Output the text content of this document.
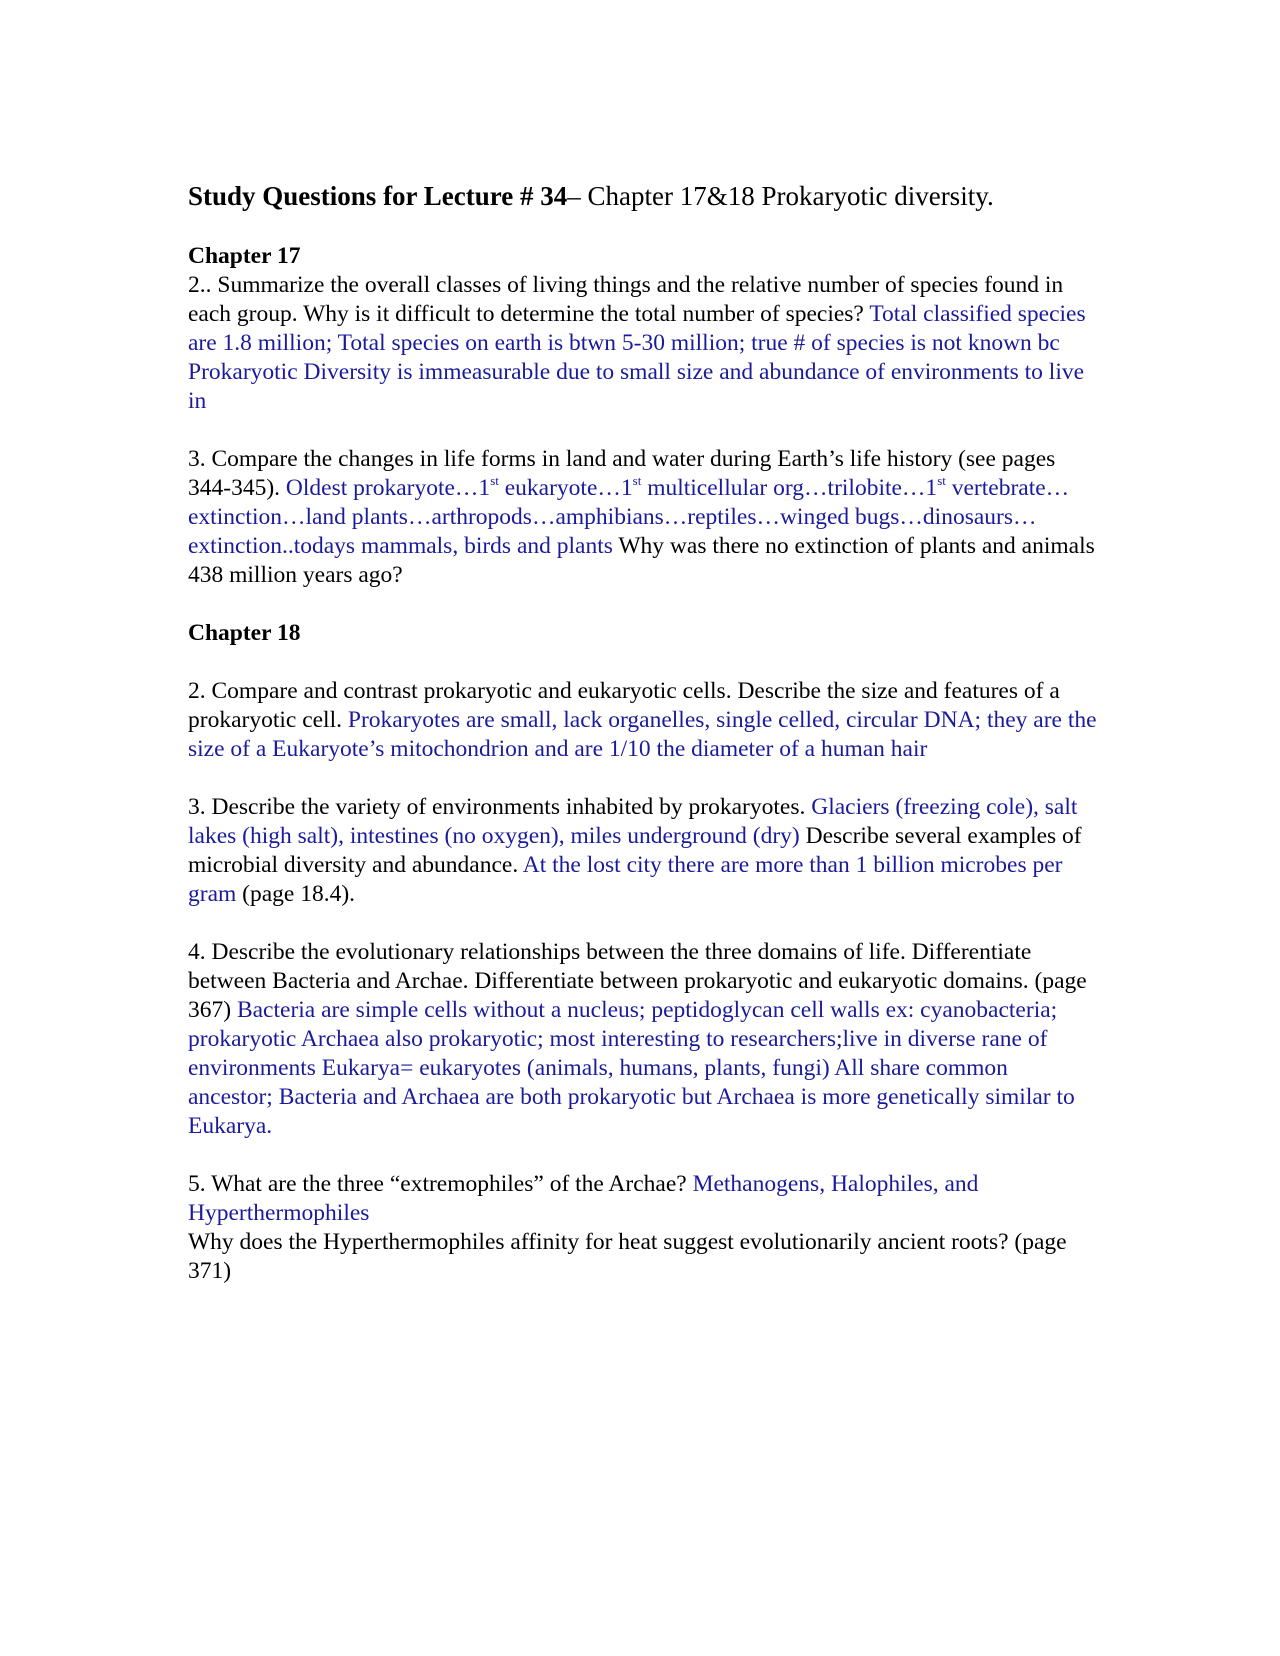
Study Questions for Lecture # 34– Chapter 17&18 Prokaryotic diversity.

Chapter 17

2.. Summarize the overall classes of living things and the relative number of species found in each group. Why is it difficult to determine the total number of species? Total classified species are 1.8 million; Total species on earth is btwn 5-30 million; true # of species is not known bc Prokaryotic Diversity is immeasurable due to small size and abundance of environments to live in

3. Compare the changes in life forms in land and water during Earth’s life history (see pages 344-345). Oldest prokaryote…1st eukaryote…1st multicellular org…trilobite…1st vertebrate…extinction…land plants…arthropods…amphibians…reptiles…winged bugs…dinosaurs…extinction..todays mammals, birds and plants Why was there no extinction of plants and animals 438 million years ago?

Chapter 18

2. Compare and contrast prokaryotic and eukaryotic cells. Describe the size and features of a prokaryotic cell. Prokaryotes are small, lack organelles, single celled, circular DNA; they are the size of a Eukaryote’s mitochondrion and are 1/10 the diameter of a human hair

3. Describe the variety of environments inhabited by prokaryotes. Glaciers (freezing cole), salt lakes (high salt), intestines (no oxygen), miles underground (dry) Describe several examples of microbial diversity and abundance. At the lost city there are more than 1 billion microbes per gram (page 18.4).

4. Describe the evolutionary relationships between the three domains of life. Differentiate between Bacteria and Archae. Differentiate between prokaryotic and eukaryotic domains. (page 367) Bacteria are simple cells without a nucleus; peptidoglycan cell walls ex: cyanobacteria; prokaryotic Archaea also prokaryotic; most interesting to researchers;live in diverse rane of environments Eukarya= eukaryotes (animals, humans, plants, fungi) All share common ancestor; Bacteria and Archaea are both prokaryotic but Archaea is more genetically similar to Eukarya.

5. What are the three “extremophiles” of the Archae? Methanogens, Halophiles, and Hyperthermophiles

Why does the Hyperthermophiles affinity for heat suggest evolutionarily ancient roots? (page 371)
